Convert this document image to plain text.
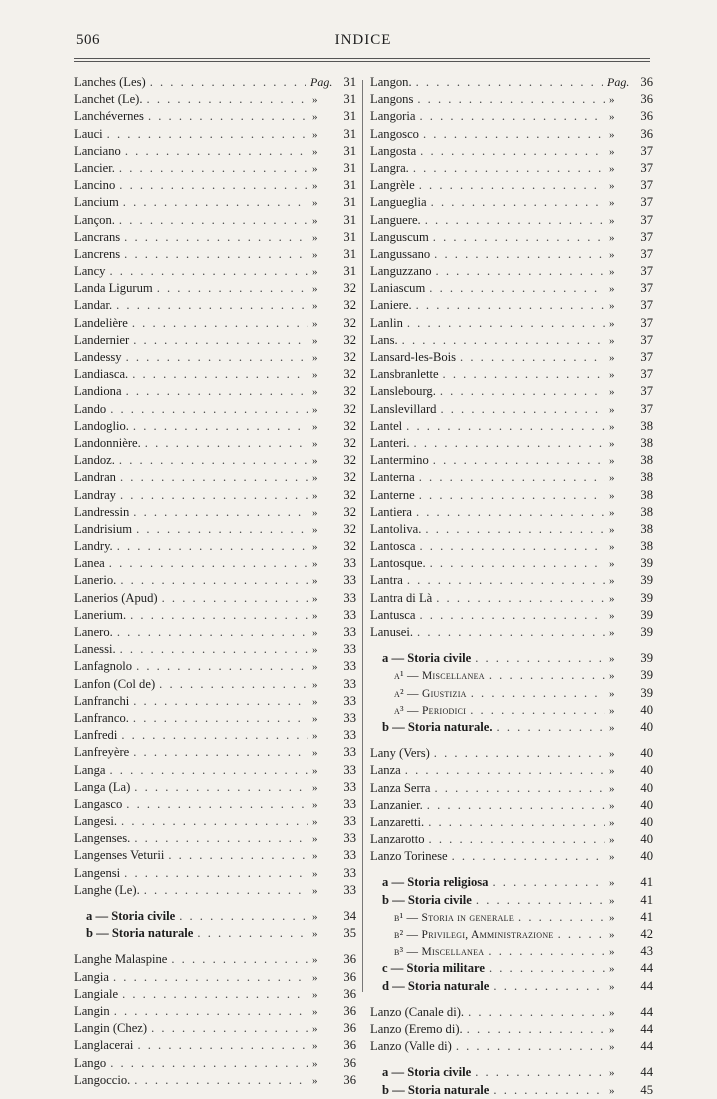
506	INDICE
Lanches (Les) . . .	Pag. 31
Lanchet (Le). . . .	»	31
Lanchévernes . . .	»	31
Lauci . . .	»	31
Lanciano . . .	»	31
Lancier. . . .	»	31
Lancino . . .	»	31
Lancium . . .	»	31
Lançon. . . .	»	31
Lancrans . . .	»	31
Lancrens . . .	»	31
Lancy . . .	»	31
Landa Ligurum . . .	»	32
Landar. . . .	»	32
Landelière . . .	»	32
Landernier . . .	»	32
Landessy . . .	»	32
Landiasca. . . .	»	32
Landiona . . .	»	32
Lando . . .	»	32
Landoglio. . . .	»	32
Landonnière. . . .	»	32
Landoz. . . .	»	32
Landran . . .	»	32
Landray . . .	»	32
Landressin . . .	»	32
Landrisium . . .	»	32
Landry. . . .	»	32
Lanea . . .	»	33
Lanerio. . . .	»	33
Lanerios (Apud) . . .	»	33
Lanerium. . . .	»	33
Lanero. . . .	»	33
Lanessi. . . .	»	33
Lanfagnolo . . .	»	33
Lanfon (Col de) . . .	»	33
Lanfranchi . . .	»	33
Lanfranco. . . .	»	33
Lanfredi . . .	»	33
Lanfreyère . . .	»	33
Langa . . .	»	33
Langa (La) . . .	»	33
Langasco . . .	»	33
Langesi. . . .	»	33
Langenses. . . .	»	33
Langenses Veturii . . .	»	33
Langensi . . .	»	33
Langhe (Le). . . .	»	33
a — Storia civile . . .	»	34
b — Storia naturale . . .	»	35
Langhe Malaspine . . .	»	36
Langia . . .	»	36
Langiale . . .	»	36
Langin . . .	»	36
Langin (Chez) . . .	»	36
Langlacerai . . .	»	36
Lango . . .	»	36
Langoccio. . . .	»	36
Langon. . . .	Pag. 36
Langons . . .	»	36
Langoria . . .	»	36
Langosco . . .	»	36
Langosta . . .	»	37
Langra. . . .	»	37
Langrèle . . .	»	37
Langueglia . . .	»	37
Languere. . . .	»	37
Languscum . . .	»	37
Langussano . . .	»	37
Languzzano . . .	»	37
Laniascum . . .	»	37
Laniere. . . .	»	37
Lanlin . . .	»	37
Lans. . . .	»	37
Lansard-les-Bois . . .	»	37
Lansbranlette . . .	»	37
Lanslebourg. . . .	»	37
Lanslevillard . . .	»	37
Lantel . . .	»	38
Lanteri. . . .	»	38
Lantermino . . .	»	38
Lanterna . . .	»	38
Lanterne . . .	»	38
Lantiera . . .	»	38
Lantoliva. . . .	»	38
Lantosca . . .	»	38
Lantosque. . . .	»	39
Lantra . . .	»	39
Lantra di Là . . .	»	39
Lantusca . . .	»	39
Lanusei. . . .	»	39
a — Storia civile . . .	»	39
a¹ — Miscellanea . . .	»	39
a² — Giustizia . . .	»	39
a³ — Periodici . . .	»	40
b — Storia naturale. . . .	»	40
Lany (Vers) . . .	»	40
Lanza . . .	»	40
Lanza Serra . . .	»	40
Lanzanier. . . .	»	40
Lanzaretti. . . .	»	40
Lanzarotto . . .	»	40
Lanzo Torinese . . .	»	40
a — Storia religiosa . . .	»	41
b — Storia civile . . .	»	41
b¹ — Storia in generale . . .	»	41
b² — Privilegi, Amministrazione . . .	»	42
b³ — Miscellanea . . .	»	43
c — Storia militare . . .	»	44
d — Storia naturale . . .	»	44
Lanzo (Canale di). . . .	»	44
Lanzo (Eremo di). . . .	»	44
Lanzo (Valle di) . . .	»	44
a — Storia civile . . .	»	44
b — Storia naturale . . .	»	45
